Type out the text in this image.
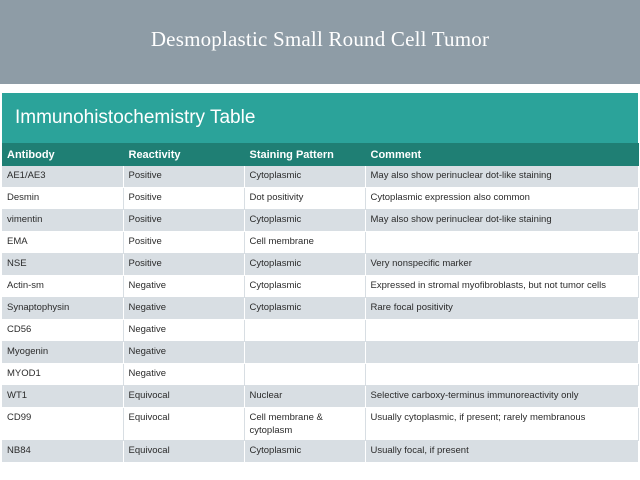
Desmoplastic Small Round Cell Tumor
Immunohistochemistry Table
Antibody	Reactivity	Staining Pattern	Comment
AE1/AE3	Positive	Cytoplasmic	May also show perinuclear dot-like staining
Desmin	Positive	Dot positivity	Cytoplasmic expression also common
vimentin	Positive	Cytoplasmic	May also show perinuclear dot-like staining
EMA	Positive	Cell membrane	
NSE	Positive	Cytoplasmic	Very nonspecific marker
Actin-sm	Negative	Cytoplasmic	Expressed in stromal myofibroblasts, but not tumor cells
Synaptophysin	Negative	Cytoplasmic	Rare focal positivity
CD56	Negative		
Myogenin	Negative		
MYOD1	Negative		
WT1	Equivocal	Nuclear	Selective carboxy-terminus immunoreactivity only
CD99	Equivocal	Cell membrane & cytoplasm	Usually cytoplasmic, if present; rarely membranous
NB84	Equivocal	Cytoplasmic	Usually focal, if present
